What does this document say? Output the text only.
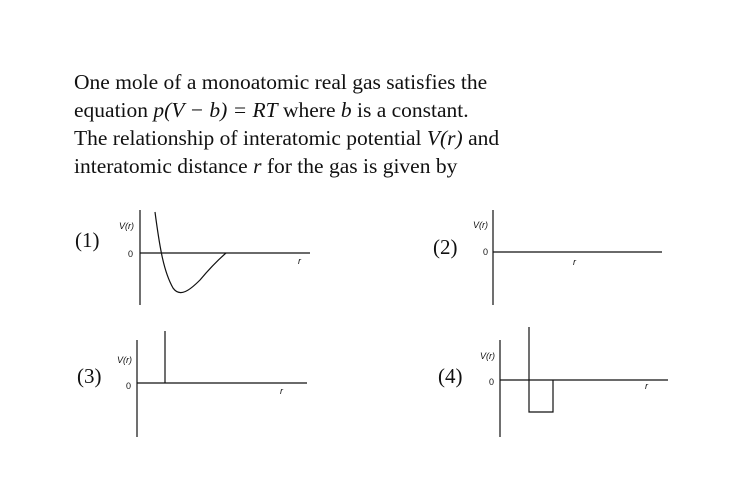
One mole of a monoatomic real gas satisfies the

equation p(V − b) = RT where b is a constant.

The relationship of interatomic potential V(r) and

interatomic distance r for the gas is given by

(1)	(2)
(3)	(4)
V(r)
0
r
V(r)
0
r
V(r)
0	r
V(r)
0	r
